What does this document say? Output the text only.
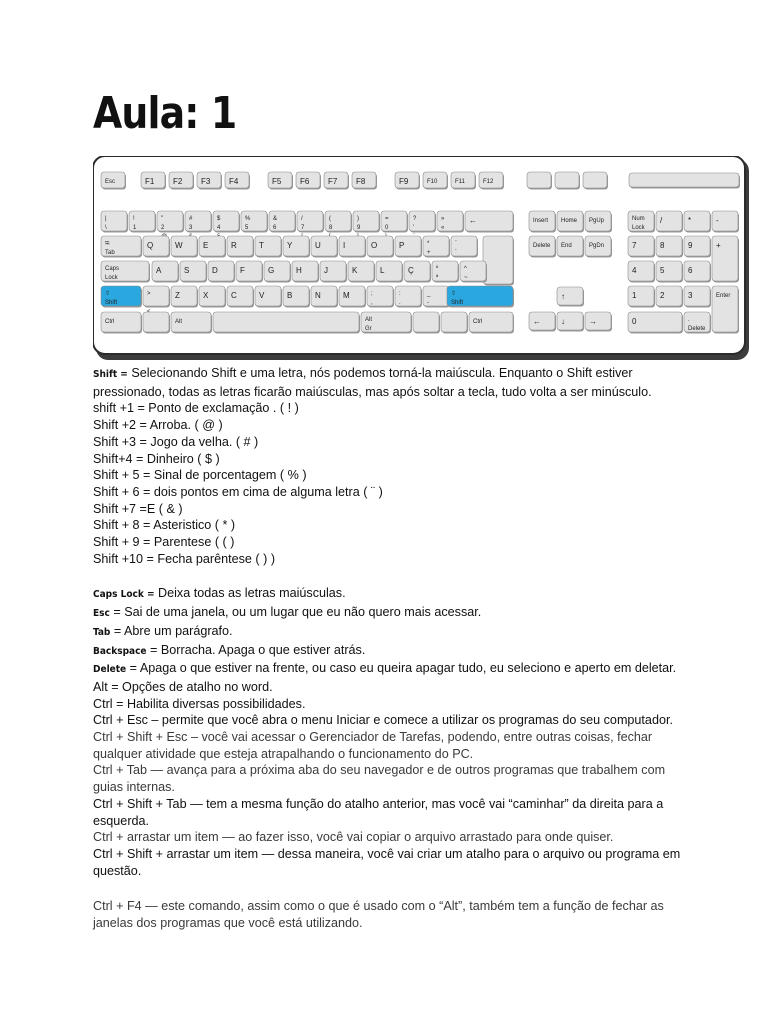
Aula: 1
Esc	F1 F2 F3 F4	F5 F6 F7 F8	F9	F10	F11	F12
|
\
!
1
"
2
#
3
$
4
%
5
&
6
/
7
(
8
)
9
=
0
?
'
»
«
←
⭾
Tab
Q	W	E	R	T	Y	U	I	O	P	*
+
`
´
Caps
Lock
A	S	D	F	G	H	J	K	L	Ç	º
ª
^
~
⇧
Shift
>	Z	X	C	V	B	N	M	;
,
:
.
_
-
⇧
Shift
Ctrl	Alt	Alt
Gr
Ctrl
Insert Home PgUp
Delete End	PgDn
↑
←	↓	→
Num
Lock
/	*	-
7	8	9	+
4	5	6
1	2	3	Enter
0	.
Delete

Shift = Selecionando Shift e uma letra, nós podemos torná-la maiúscula. Enquanto o Shift estiver pressionado, todas as letras ficarão maiúsculas, mas após soltar a tecla, tudo volta a ser minúsculo.

shift +1 = Ponto de exclamação . ( ! )

Shift +2 = Arroba. ( @ )

Shift +3 = Jogo da velha. ( # )

Shift+4 = Dinheiro ( $ )

Shift + 5 = Sinal de porcentagem ( % )

Shift + 6 = dois pontos em cima de alguma letra ( ¨ )

Shift +7 =E ( & )

Shift + 8 = Asteristico ( * )

Shift + 9 = Parentese ( ( )

Shift +10 = Fecha parêntese ( ) )

Caps Lock = Deixa todas as letras maiúsculas.

Esc = Sai de uma janela, ou um lugar que eu não quero mais acessar.

Tab = Abre um parágrafo.

Backspace = Borracha. Apaga o que estiver atrás.

Delete = Apaga o que estiver na frente, ou caso eu queira apagar tudo, eu seleciono e aperto em deletar.

Alt = Opções de atalho no word.

Ctrl = Habilita diversas possibilidades.

Ctrl + Esc – permite que você abra o menu Iniciar e comece a utilizar os programas do seu computador.

Ctrl + Shift + Esc – você vai acessar o Gerenciador de Tarefas, podendo, entre outras coisas, fechar qualquer atividade que esteja atrapalhando o funcionamento do PC.

Ctrl + Tab — avança para a próxima aba do seu navegador e de outros programas que trabalhem com guias internas.

Ctrl + Shift + Tab — tem a mesma função do atalho anterior, mas você vai “caminhar” da direita para a esquerda.

Ctrl + arrastar um item — ao fazer isso, você vai copiar o arquivo arrastado para onde quiser.

Ctrl + Shift + arrastar um item — dessa maneira, você vai criar um atalho para o arquivo ou programa em questão.

Ctrl + F4 — este comando, assim como o que é usado com o “Alt”, também tem a função de fechar as janelas dos programas que você está utilizando.
